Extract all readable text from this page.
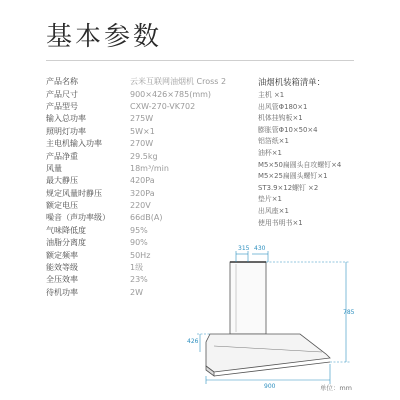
基本参数
产品名称	云米互联网油烟机 Cross 2
产品尺寸	900×426×785(mm)
产品型号	CXW-270-VK702
输入总功率	275W
照明灯功率	5W×1
主电机输入功率	270W
产品净重	29.5kg
风量	18m³/min
最大静压	420Pa
规定风量时静压	320Pa
额定电压	220V
噪音（声功率级）	66dB(A)
气味降低度	95%
油脂分离度	90%
额定频率	50Hz
能效等级	1级
全压效率	23%
待机功率	2W
油烟机装箱清单：
主机 ×1
出风管Φ180×1
机体挂钩板×1
膨胀管Φ10×50×4
铝箔纸×1
油杯×1
M5×50扁圆头自攻螺钉×4
M5×25扁圆头螺钉×1
ST3.9×12螺钉 ×2
垫片×1
出风座×1
使用书明书×1
315 430
785
426
900	单位：mm
